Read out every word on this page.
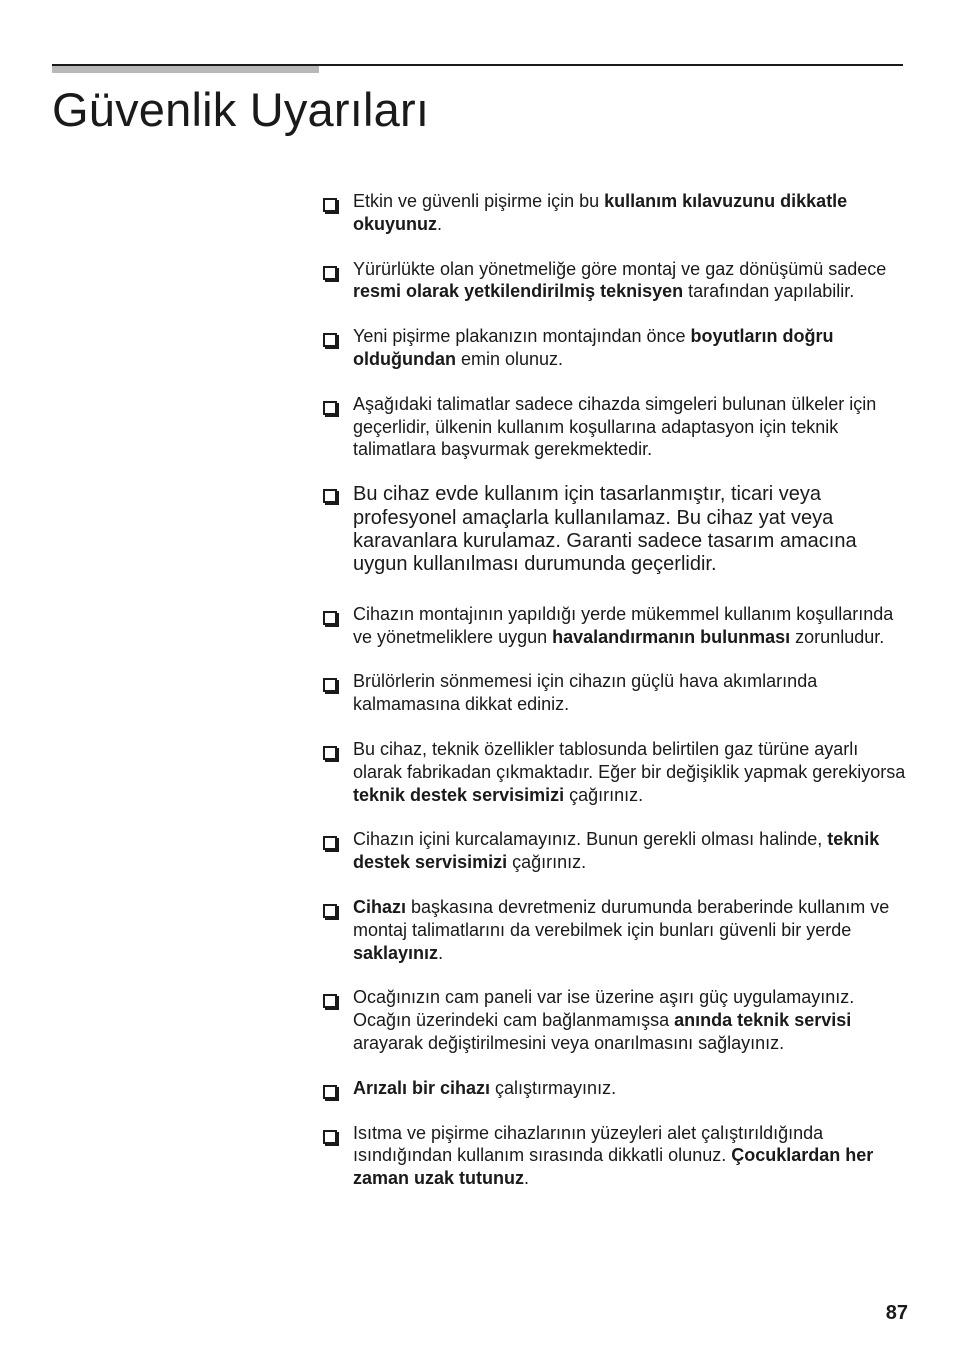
Güvenlik Uyarıları
Etkin ve güvenli pişirme için bu kullanım kılavuzunu dikkatle okuyunuz.
Yürürlükte olan yönetmeliğe göre montaj ve gaz dönüşümü sadece resmi olarak yetkilendirilmiş teknisyen tarafından yapılabilir.
Yeni pişirme plakanızın montajından önce boyutların doğru olduğundan emin olunuz.
Aşağıdaki talimatlar sadece cihazda simgeleri bulunan ülkeler için geçerlidir, ülkenin kullanım koşullarına adaptasyon için teknik talimatlara başvurmak gerekmektedir.
Bu cihaz evde kullanım için tasarlanmıştır, ticari veya profesyonel amaçlarla kullanılamaz. Bu cihaz yat veya karavanlara kurulamaz. Garanti sadece tasarım amacına uygun kullanılması durumunda geçerlidir.
Cihazın montajının yapıldığı yerde mükemmel kullanım koşullarında ve yönetmeliklere uygun havalandırmanın bulunması zorunludur.
Brülörlerin sönmemesi için cihazın güçlü hava akımlarında kalmamasına dikkat ediniz.
Bu cihaz, teknik özellikler tablosunda belirtilen gaz türüne ayarlı olarak fabrikadan çıkmaktadır. Eğer bir değişiklik yapmak gerekiyorsa teknik destek servisimizi çağırınız.
Cihazın içini kurcalamayınız. Bunun gerekli olması halinde, teknik destek servisimizi çağırınız.
Cihazı başkasına devretmeniz durumunda beraberinde kullanım ve montaj talimatlarını da verebilmek için bunları güvenli bir yerde saklayınız.
Ocağınızın cam paneli var ise üzerine aşırı güç uygulamayınız. Ocağın üzerindeki cam bağlanmamışsa anında teknik servisi arayarak değiştirilmesini veya onarılmasını sağlayınız.
Arızalı bir cihazı çalıştırmayınız.
Isıtma ve pişirme cihazlarının yüzeyleri alet çalıştırıldığında ısındığından kullanım sırasında dikkatli olunuz. Çocuklardan her zaman uzak tutunuz.
87
